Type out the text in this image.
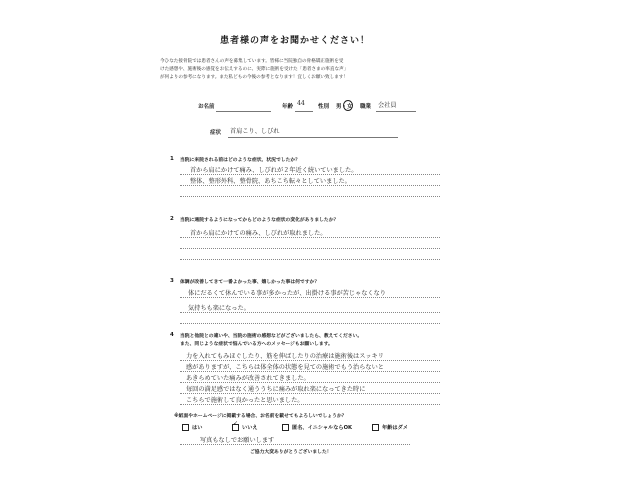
患者様の声をお聞かせください！
今ひなた接骨院では患者さんの声を募集しています。皆様に当院独自の骨格矯正施術を受
けた感想や、施術後の感覚をお伝えするのに、実際に施術を受けた「患者さまの率直な声」
が何よりの参考になります。また私どもの今後の参考となります！宜しくお願い致します！
お名前	年齢 44 性別 男・女 職業 会社員
症状 首肩こり、しびれ
1 当院に来院される前はどのような症状、状況でしたか？
首から肩にかけて痛み、しびれが２年近く続いていました。
整体、整形外科、整骨院、あちこち転々としていました。
2 当院に通院するようになってからどのような症状の変化がありましたか？
首から肩にかけての痛み、しびれが取れました。
3 体調が改善してきて一番よかった事、嬉しかった事は何ですか？
体にだるくて休んでいる事が多かったが、出掛ける事が苦じゃなくなり
気持ちも楽になった。
4 当院と他院との違いや、当院の施術の感想などがございましたら、教えてください。
また、同じような症状で悩んでいる方へのメッセージもお願いします。
力を入れてもみほぐしたり、筋を伸ばしたりの治療は施術後はスッキリ
感がありますが、こちらは体全体の状態を見ての施術でもう治らないと
あきらめていた痛みが改善されてきました。
毎回の満足感ではなく通ううちに痛みが取れ楽になってきた時に
こちらで施術して良かったと思いました。
※紙面やホームページに掲載する場合、お名前を載せてもよろしいでしょうか？
はい	いいえ
✓
匿名、イニシャルならOK	年齢はダメ
写真もなしでお願いします
ご協力大変ありがとうございました！
